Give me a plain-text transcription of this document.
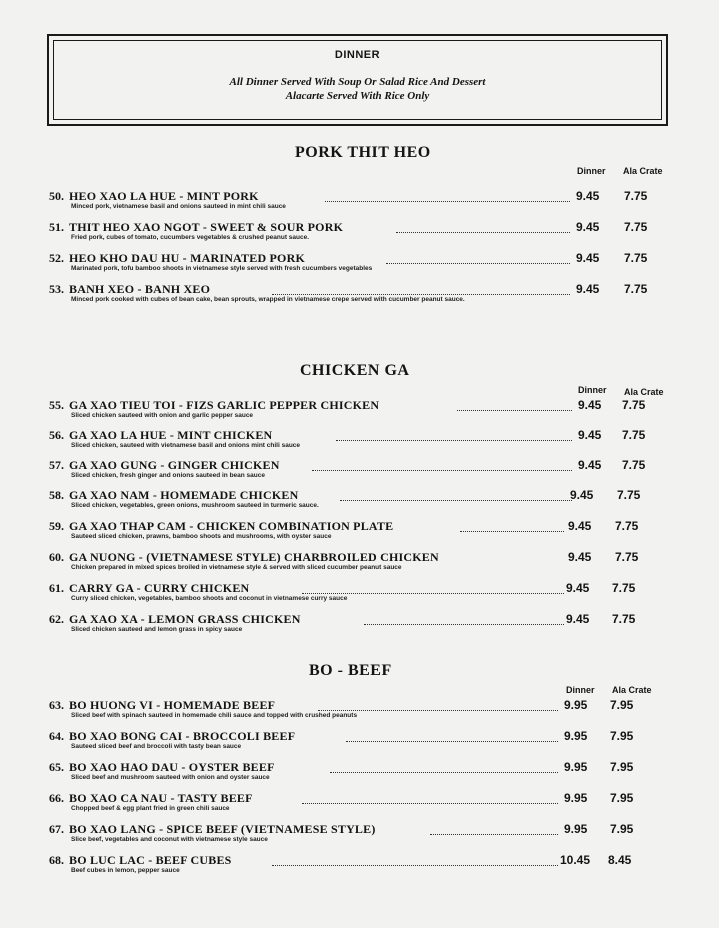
DINNER
All Dinner Served With Soup Or Salad Rice And Dessert
Alacarte Served With Rice Only
PORK THIT HEO
Dinner Ala Crate
50. HEO XAO LA HUE - MINT PORK
Minced pork, vietnamese basil and onions sauteed in mint chili sauce
9.45 7.75
51. THIT HEO XAO NGOT - SWEET & SOUR PORK
Fried pork, cubes of tomato, cucumbers vegetables & crushed peanut sauce.
9.45 7.75
52. HEO KHO DAU HU - MARINATED PORK
Marinated pork, tofu bamboo shoots in vietnamese style served with fresh cucumbers vegetables
9.45 7.75
53. BANH XEO - BANH XEO
Minced pork cooked with cubes of bean cake, bean sprouts, wrapped in vietnamese crepe served with cucumber peanut sauce.
9.45 7.75
CHICKEN GA
Dinner Ala Crate
55. GA XAO TIEU TOI - FIZS GARLIC PEPPER CHICKEN
Sliced chicken sauteed with onion and garlic pepper sauce
9.45 7.75
56. GA XAO LA HUE - MINT CHICKEN
Sliced chicken, sauteed with vietnamese basil and onions mint chili sauce
9.45 7.75
57. GA XAO GUNG - GINGER CHICKEN
Sliced chicken, fresh ginger and onions sauteed in bean sauce
9.45 7.75
58. GA XAO NAM - HOMEMADE CHICKEN
Sliced chicken, vegetables, green onions, mushroom sauteed in turmeric sauce.
9.45 7.75
59. GA XAO THAP CAM - CHICKEN COMBINATION PLATE
Sauteed sliced chicken, prawns, bamboo shoots and mushrooms, with oyster sauce
9.45 7.75
60. GA NUONG - (VIETNAMESE STYLE) CHARBROILED CHICKEN
Chicken prepared in mixed spices broiled in vietnamese style & served with sliced cucumber peanut sauce
9.45 7.75
61. CARRY GA - CURRY CHICKEN
Curry sliced chicken, vegetables, bamboo shoots and coconut in vietnamese curry sauce
9.45 7.75
62. GA XAO XA - LEMON GRASS CHICKEN
Sliced chicken sauteed and lemon grass in spicy sauce
9.45 7.75
BO - BEEF
Dinner Ala Crate
63. BO HUONG VI - HOMEMADE BEEF
Sliced beef with spinach sauteed in homemade chili sauce and topped with crushed peanuts
9.95 7.95
64. BO XAO BONG CAI - BROCCOLI BEEF
Sauteed sliced beef and broccoli with tasty bean sauce
9.95 7.95
65. BO XAO HAO DAU - OYSTER BEEF
Sliced beef and mushroom sauteed with onion and oyster sauce
9.95 7.95
66. BO XAO CA NAU - TASTY BEEF
Chopped beef & egg plant fried in green chili sauce
9.95 7.95
67. BO XAO LANG - SPICE BEEF (VIETNAMESE STYLE)
Slice beef, vegetables and coconut with vietnamese style sauce
9.95 7.95
68. BO LUC LAC - BEEF CUBES
Beef cubes in lemon, pepper sauce
10.45 8.45
